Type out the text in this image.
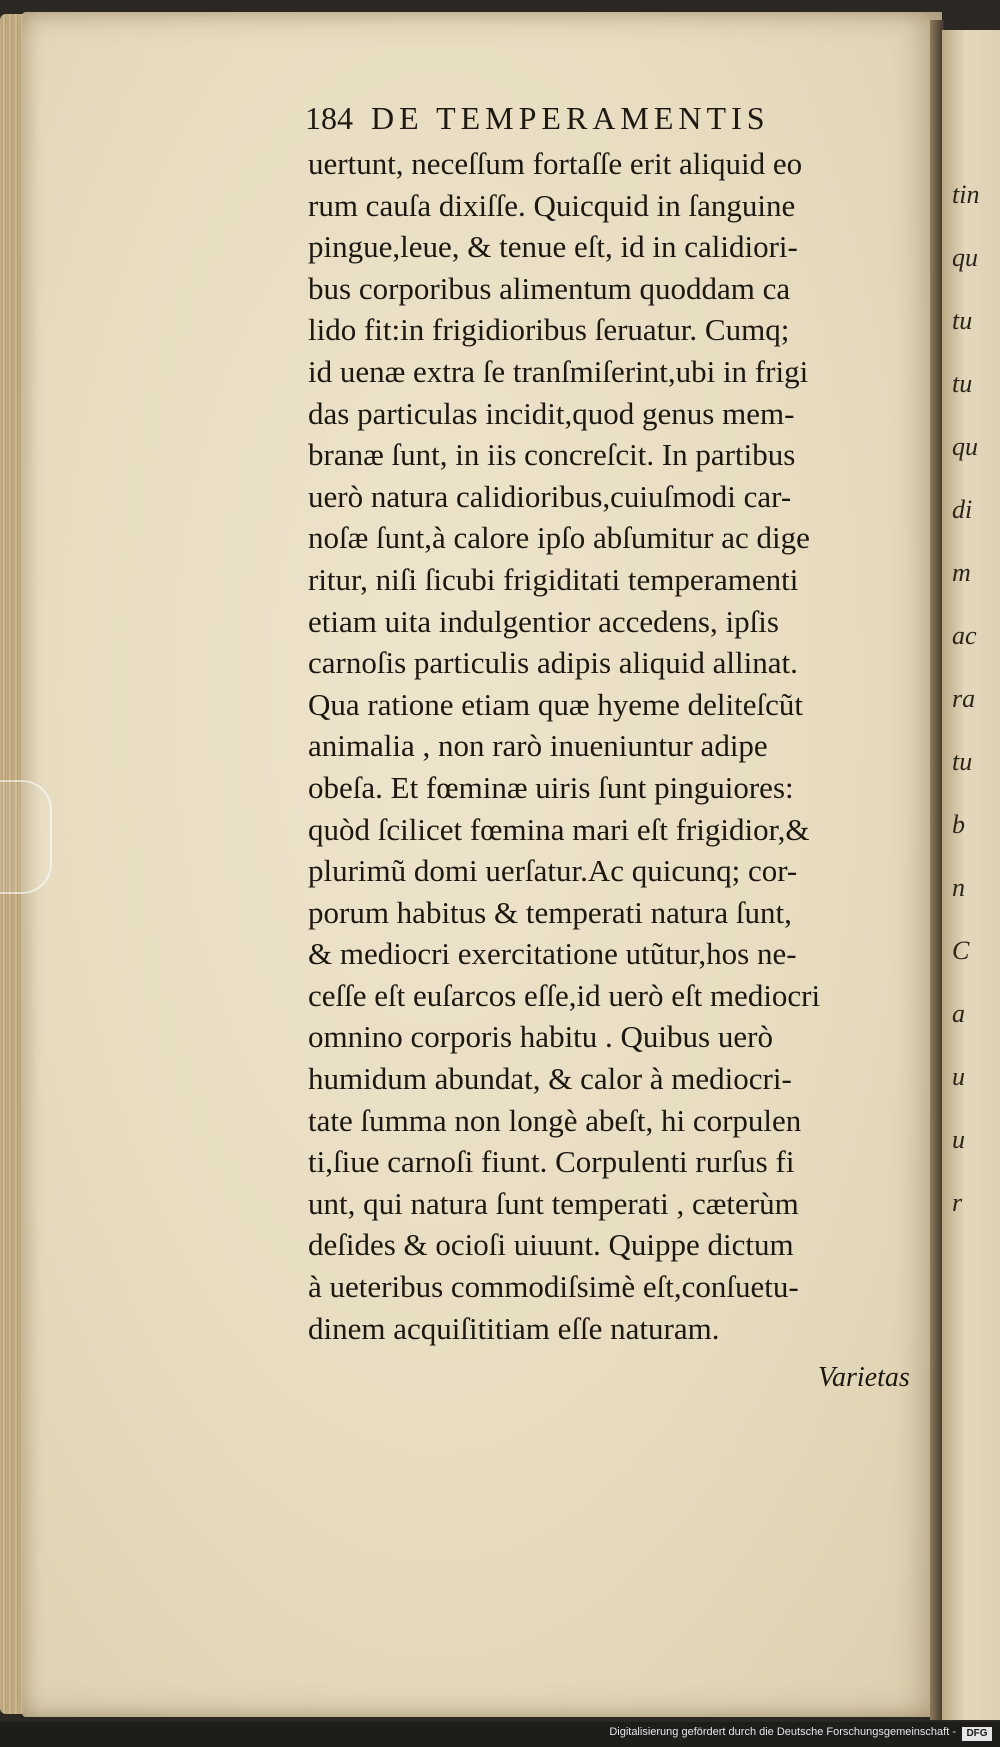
tin
qu
tu
tu
qu
di
m
ac
ra
tu
b
n
C
a
u
u
r
184 DE TEMPERAMENTIS
uertunt, neceſſum fortaſſe erit aliquid eo
rum cauſa dixiſſe. Quicquid in ſanguine
pingue,leue, & tenue eſt, id in calidiori-
bus corporibus alimentum quoddam ca
lido fit:in frigidioribus ſeruatur. Cumq;
id uenæ extra ſe tranſmiſerint,ubi in frigi
das particulas incidit,quod genus mem-
branæ ſunt, in iis concreſcit. In partibus
uerò natura calidioribus,cuiuſmodi car-
noſæ ſunt,à calore ipſo abſumitur ac dige
ritur, niſi ſicubi frigiditati temperamenti
etiam uita indulgentior accedens, ipſis
carnoſis particulis adipis aliquid allinat.
Qua ratione etiam quæ hyeme deliteſcũt
animalia , non rarò inueniuntur adipe
obeſa. Et fœminæ uiris ſunt pinguiores:
quòd ſcilicet fœmina mari eſt frigidior,&
plurimũ domi uerſatur.Ac quicunq; cor-
porum habitus & temperati natura ſunt,
& mediocri exercitatione utũtur,hos ne-
ceſſe eſt euſarcos eſſe,id uerò eſt mediocri
omnino corporis habitu . Quibus uerò
humidum abundat, & calor à mediocri-
tate ſumma non longè abeſt, hi corpulen
ti,ſiue carnoſi fiunt. Corpulenti rurſus fi
unt, qui natura ſunt temperati , cæterùm
deſides & ocioſi uiuunt. Quippe dictum
à ueteribus commodiſsimè eſt,conſuetu-
dinem acquiſititiam eſſe naturam.
Varietas
Digitalisierung gefördert durch die Deutsche Forschungsgemeinschaft -	DFG
